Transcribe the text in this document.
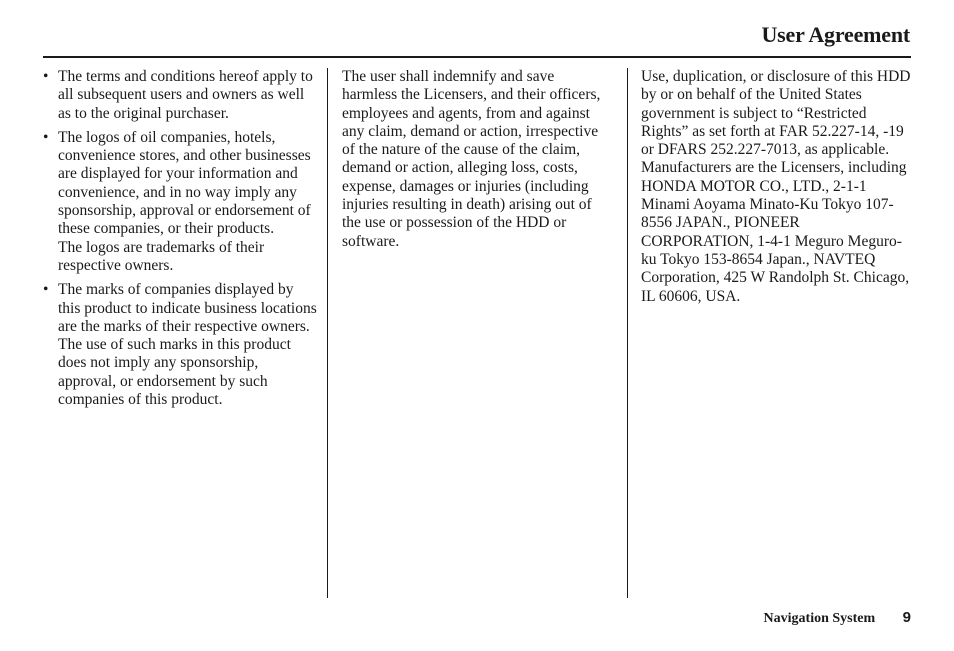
User Agreement
• The terms and conditions hereof apply to all subsequent users and owners as well as to the original purchaser.
• The logos of oil companies, hotels, convenience stores, and other businesses are displayed for your information and convenience, and in no way imply any sponsorship, approval or endorsement of these companies, or their products.
The logos are trademarks of their respective owners.
• The marks of companies displayed by this product to indicate business locations are the marks of their respective owners.
The use of such marks in this product does not imply any sponsorship, approval, or endorsement by such companies of this product.

The user shall indemnify and save harmless the Licensers, and their officers, employees and agents, from and against any claim, demand or action, irrespective of the nature of the cause of the claim, demand or action, alleging loss, costs, expense, damages or injuries (including injuries resulting in death) arising out of the use or possession of the HDD or software.

Use, duplication, or disclosure of this HDD by or on behalf of the United States government is subject to “Restricted Rights” as set forth at FAR 52.227-14, -19 or DFARS 252.227-7013, as applicable. Manufacturers are the Licensers, including HONDA MOTOR CO., LTD., 2-1-1 Minami Aoyama Minato-Ku Tokyo 107-8556 JAPAN., PIONEER CORPORATION, 1-4-1 Meguro Meguro-ku Tokyo 153-8654 Japan., NAVTEQ Corporation, 425 W Randolph St. Chicago, IL 60606, USA.

Navigation System 9
